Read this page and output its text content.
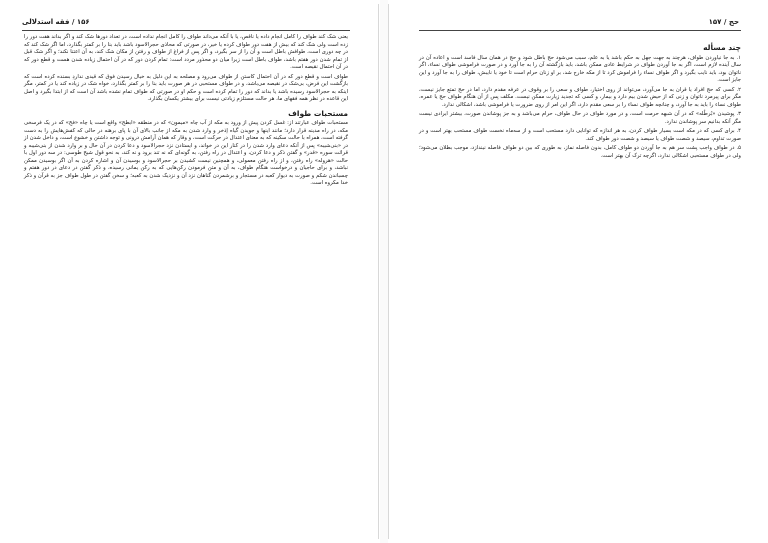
۱۵۶ / فقه استدلالی

یعنی شک کند طواف را کامل انجام داده یا ناقص، یا با آنکه می‌داند طواف را کامل انجام نداده است، در تعداد دورها شک کند و اگر بداند هفت دور را زده است ولی شک کند که بیش از هفت دور طواف کرده یا خیر، در صورتی که محاذی حجرالاسود باشد باید بنا را بر کمتر بگذارد، اما اگر شک کند که در چه دوری است، طوافش باطل است و آن را از سر بگیرد، و اگر پس از فراغ از طواف و رفتن از مکان شک کند، به آن اعتنا نکند؛ و اگر شک قبل از تمام شدن دور هفتم باشد، طواف باطل است زیرا میان دو محذور مردد است: تمام کردن دور که در آن احتمال زیاده شدن هست و قطع دور که در آن احتمال نقیصه است.

طواف است و قطع دور که در آن احتمال کاستن از طواف می‌رود و مصلحه به این دلیل به خیال رسیدن فوق که قیدی نداردِ بسنده کرده است که بازگشت این فرض، بی‌شک در نقیصه می‌باشد، و در طواف مستحبی در هر صورت باید بنا را بر کمتر بگذارد، خواه شک در زیاده کند یا در کمتر، مگر اینکه به حجرالاسود رسیده باشد یا بداند که دور را تمام کرده است و حکم او در صورتی که طواف تمام نشده باشد آن است که از ابتدا بگیرد و اصل این قاعده در نظر همه فقهای ما، هر حالت مستلزم زیادتی نیست برای بیشتر یکسان بگذارد.

مستحبات طواف

مستحبات طواف عبارتند از: غسل کردن پیش از ورود به مکه از آب چاه «میمون» که در منطقه «ابطح» واقع است یا چاه «فخ» که در یک فرسخی مکه، در راه مدینه قرار دارد؛ مانند اینها و جویدن گیاه إذخر و وارد شدن به مکه از جانب بالای آن با پای برهنه در حالی که کفش‌هایش را به دست گرفته است، همراه با حالت سکینه که به معنای اعتدال در حرکت است، و وقار که همان آرامش درونی و توجه داشتن و خشوع است، و داخل شدن از در «بنی‌شیبه» پس از آنکه دعای وارد شدن را در کنار این در خواند، و ایستادن نزد حجرالاسود و دعا کردن در آن حال و بر وارد شدن از بنی‌شیبه و قرائت سوره «قدر» و گفتن ذکر و دعا کردن، و اعتدال در راه رفتن، به گونه‌ای که نه تند برود و نه کند، به نحو قول شیخ طوسی: در سه دور اول با حالت «هروله» راه رفتن، و از راه رفتن معمولی، و همچنین نیست کشیدن بر حجرالاسود و بوسیدن آن و اشاره کردن به آن اگر بوسیدن ممکن نباشد، و برای حاجیان و درخواست هنگام طواف، به آن و متن فرمودن رکن‌هایی که به رکن یمانی رسیده، و ذکر گفتن در دعای در دور هفتم و چسباندن شکم و صورت به دیوار کعبه در مستجار و برشمردن گناهان نزد آن و نزدیک شدن به کعبه؛ و سخن گفتن در طول طواف جز به قرآن و ذکر خدا مکروه است.

حج / ۱۵۷
چند مسأله

۱. به جا نیاوردن طواف، هرچند به جهت جهل به حکم باشد یا به علم، سبب می‌شود حج باطل شود و حج در همان سال فاسد است و اعاده آن در سال آینده لازم است، اگر به جا آوردن طواف در شرایط عادی ممکن باشد، باید بازگشته آن را به جا آورد و در صورت فراموشی طواف نساء، اگر ناتوان بود، باید نایب بگیرد و اگر طواف نساء را فراموش کرد تا از مکه خارج شد، بر او زنان حرام است تا خود یا نایبش، طواف را به جا آورد و این جایز است.

۲. کسی که حج افراد یا قران به جا می‌آورد، می‌تواند از روی اختیار، طواف و سعی را بر وقوف در عرفه مقدم دارد، اما در حج تمتع جایز نیست، مگر برای پیرمرد ناتوان و زنی که از حیض شدن بیم دارد و بیمار، و کسی که تجدید زیارت ممکن نیست. مکلف پس از آن هنگام طواف حج یا عمره، طواف نساء را باید به جا آورد، و چنانچه طواف نساء را بر سعی مقدم دارد، اگر این امر از روی ضرورت یا فراموشی باشد، اشکالی ندارد.

۳. پوشیدن «بُرطُله» که در آن شبهه حرمت است، و در مورد طواف در حال طواف، حرام می‌باشد و به جز پوشاندن صورت، بیشتر ایرادی نیست مگر آنکه بدانیم سر پوشاندن ندارد.

۴. برای کسی که در مکه است بسیار طواف کردن، به هر اندازه که توانایی دارد مستحب است و از سه‌ماه نخست طواف مستحب بهتر است و در صورت تداوم، سیصد و شصت طواف یا سیصد و شصت دور طواف کند.

۵. در طواف واجب پشت سر هم به جا آوردن دو طواف کامل، بدون فاصله نماز، به طوری که بین دو طواف فاصله نیندازد، موجب بطلان می‌شود؛ ولی در طواف مستحبی اشکالی ندارد، اگرچه ترک آن بهتر است.
